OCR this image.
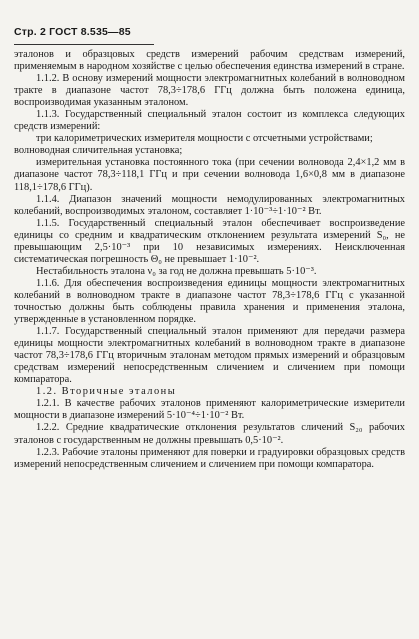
Стр. 2 ГОСТ 8.535—85

эталонов и образцовых средств измерений рабочим средствам измерений, применяемым в народном хозяйстве с целью обеспечения единства измерений в стране.

1.1.2. В основу измерений мощности электромагнитных колебаний в волноводном тракте в диапазоне частот 78,3÷178,6 ГГц должна быть положена единица, воспроизводимая указанным эталоном.

1.1.3. Государственный специальный эталон состоит из комплекса следующих средств измерений:

три калориметрических измерителя мощности с отсчетными устройствами;

волноводная сличительная установка;

измерительная установка постоянного тока (при сечении волновода 2,4×1,2 мм в диапазоне частот 78,3÷118,1 ГГц и при сечении волновода 1,6×0,8 мм в диапазоне 118,1÷178,6 ГГц).

1.1.4. Диапазон значений мощности немодулированных электромагнитных колебаний, воспроизводимых эталоном, составляет 1·10⁻³÷1·10⁻² Вт.

1.1.5. Государственный специальный эталон обеспечивает воспроизведение единицы со средним и квадратическим отклонением результата измерений S₀, не превышающим 2,5·10⁻³ при 10 независимых измерениях. Неисключенная систематическая погрешность Θ₀ не превышает 1·10⁻².

Нестабильность эталона ν₀ за год не должна превышать 5·10⁻³.

1.1.6. Для обеспечения воспроизведения единицы мощности электромагнитных колебаний в волноводном тракте в диапазоне частот 78,3÷178,6 ГГц с указанной точностью должны быть соблюдены правила хранения и применения эталона, утвержденные в установленном порядке.

1.1.7. Государственный специальный эталон применяют для передачи размера единицы мощности электромагнитных колебаний в волноводном тракте в диапазоне частот 78,3÷178,6 ГГц вторичным эталонам методом прямых измерений и образцовым средствам измерений непосредственным сличением и сличением при помощи компаратора.

1.2. Вторичные эталоны

1.2.1. В качестве рабочих эталонов применяют калориметрические измерители мощности в диапазоне измерений 5·10⁻⁴÷1·10⁻² Вт.

1.2.2. Средние квадратические отклонения результатов сличений S₂₀ рабочих эталонов с государственным не должны превышать 0,5·10⁻².

1.2.3. Рабочие эталоны применяют для поверки и градуировки образцовых средств измерений непосредственным сличением и сличением при помощи компаратора.
